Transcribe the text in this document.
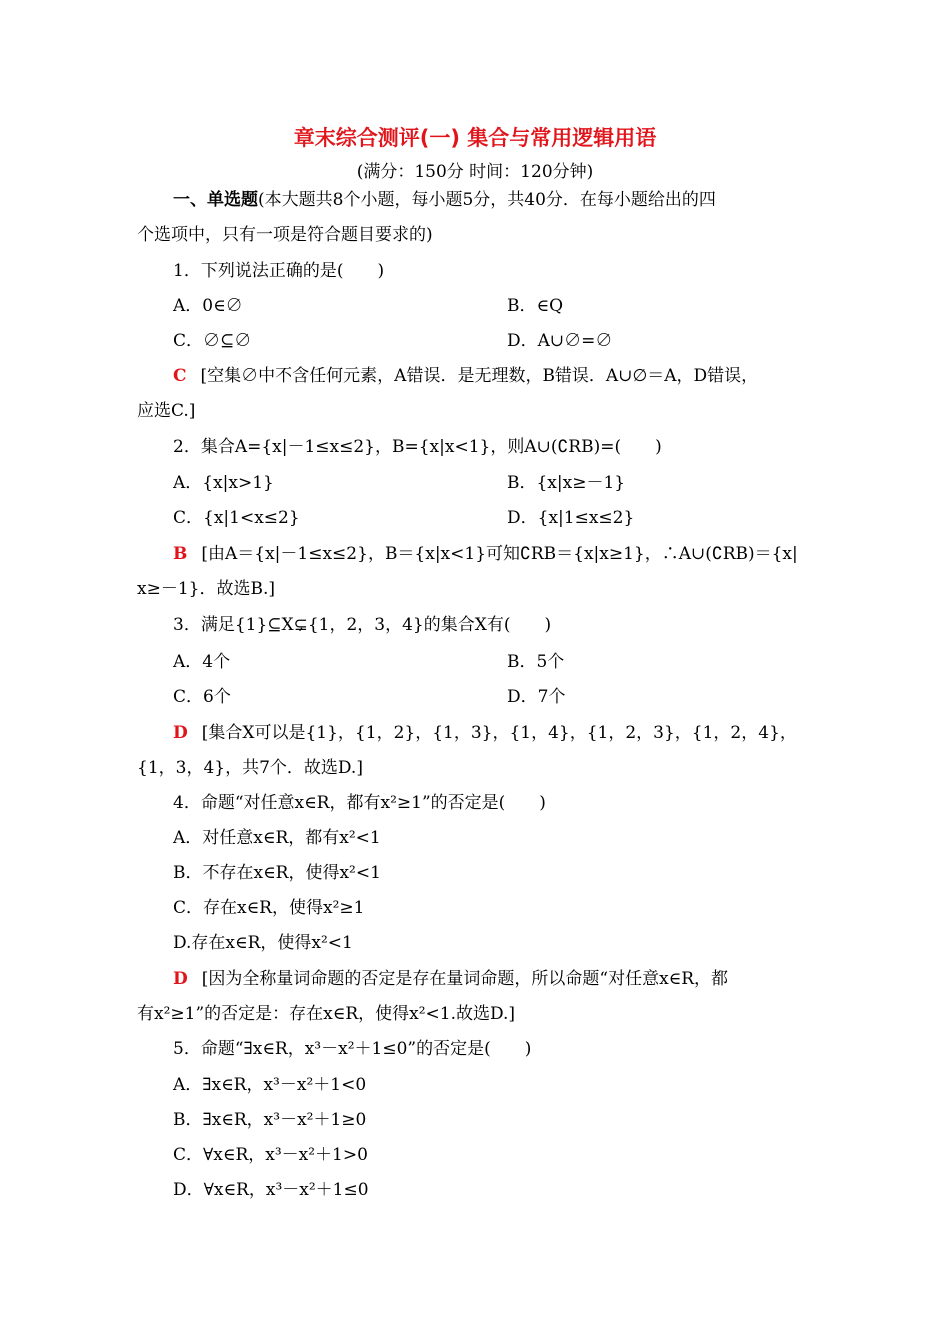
章末综合测评(一) 集合与常用逻辑用语
(满分：150分 时间：120分钟)
一、单选题(本大题共8个小题，每小题5分，共40分．在每小题给出的四
个选项中，只有一项是符合题目要求的)
1．下列说法正确的是(　　)
A．0∈∅	B．∈Q
C．∅⊆∅	D．A∪∅=∅
C [空集∅中不含任何元素，A错误．是无理数，B错误．A∪∅＝A，D错误，
应选C.]
2．集合A={x|－1≤x≤2}，B={x|x<1}，则A∪(∁RB)=(　　)
A．{x|x>1}	B．{x|x≥－1}
C．{x|1<x≤2}	D．{x|1≤x≤2}
B [由A＝{x|－1≤x≤2}，B＝{x|x<1}可知∁RB＝{x|x≥1}，∴A∪(∁RB)＝{x|
x≥－1}．故选B.]
3．满足{1}⊆X⊊{1，2，3，4}的集合X有(　　)
A．4个	B．5个
C．6个	D．7个
D [集合X可以是{1}，{1，2}，{1，3}，{1，4}，{1，2，3}，{1，2，4}，
{1，3，4}，共7个．故选D.]
4．命题“对任意x∈R，都有x²≥1”的否定是(　　)
A．对任意x∈R，都有x²<1
B．不存在x∈R，使得x²<1
C．存在x∈R，使得x²≥1
D.存在x∈R，使得x²<1
D [因为全称量词命题的否定是存在量词命题，所以命题“对任意x∈R，都
有x²≥1”的否定是：存在x∈R，使得x²<1.故选D.]
5．命题“∃x∈R，x³－x²＋1≤0”的否定是(　　)
A．∃x∈R，x³－x²＋1<0
B．∃x∈R，x³－x²＋1≥0
C．∀x∈R，x³－x²＋1>0
D．∀x∈R，x³－x²＋1≤0
